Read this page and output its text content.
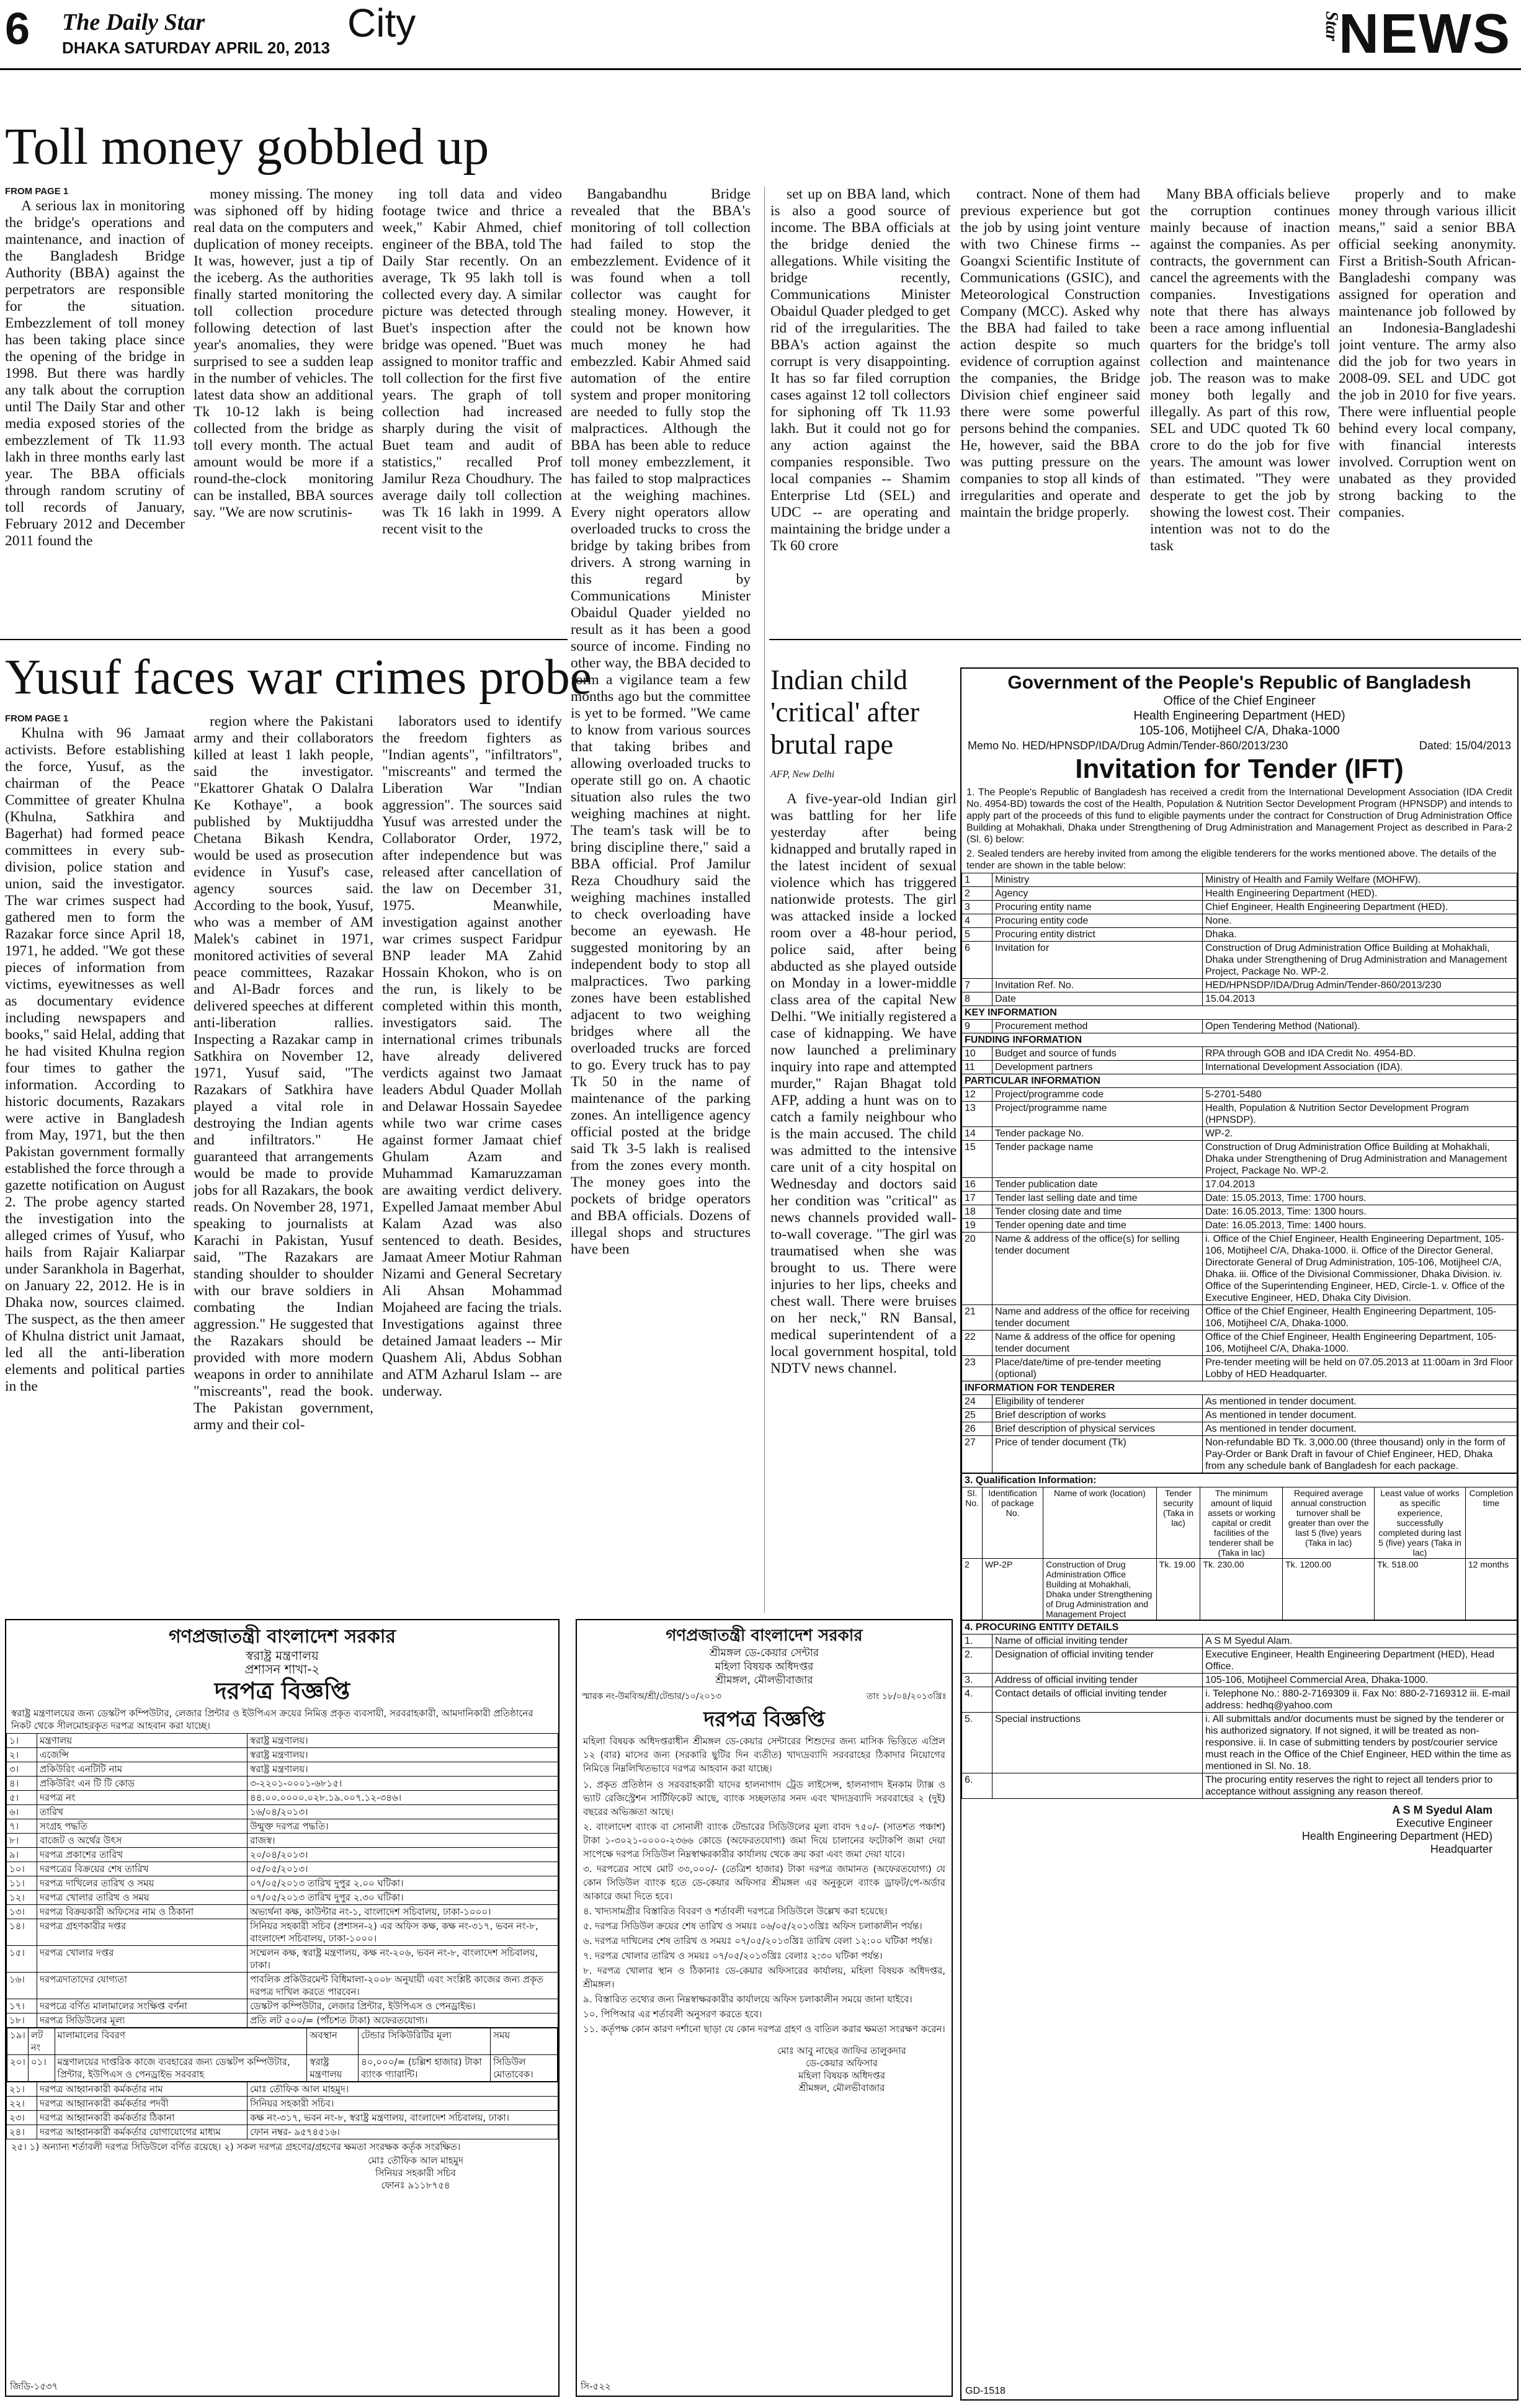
6 The Daily Star
DHAKA SATURDAY APRIL 20, 2013
City	Star
NEWS
Toll money gobbled up
FROM PAGE 1

A serious lax in monitoring the bridge's operations and maintenance, and inaction of the Bangladesh Bridge Authority (BBA) against the perpetrators are responsible for the situation. Embezzlement of toll money has been taking place since the opening of the bridge in 1998. But there was hardly any talk about the corruption until The Daily Star and other media exposed stories of the embezzlement of Tk 11.93 lakh in three months early last year. The BBA officials through random scrutiny of toll records of January, February 2012 and December 2011 found the

money missing. The money was siphoned off by hiding real data on the computers and duplication of money receipts. It was, however, just a tip of the iceberg. As the authorities finally started monitoring the toll collection procedure following detection of last year's anomalies, they were surprised to see a sudden leap in the number of vehicles. The latest data show an additional Tk 10-12 lakh is being collected from the bridge as toll every month. The actual amount would be more if a round-the-clock monitoring can be installed, BBA sources say. "We are now scrutinis-

ing toll data and video footage twice and thrice a week," Kabir Ahmed, chief engineer of the BBA, told The Daily Star recently. On an average, Tk 95 lakh toll is collected every day. A similar picture was detected through Buet's inspection after the bridge was opened. "Buet was assigned to monitor traffic and toll collection for the first five years. The graph of toll collection had increased sharply during the visit of Buet team and audit of statistics," recalled Prof Jamilur Reza Choudhury. The average daily toll collection was Tk 16 lakh in 1999. A recent visit to the

Bangabandhu Bridge revealed that the BBA's monitoring of toll collection had failed to stop the embezzlement. Evidence of it was found when a toll collector was caught for stealing money. However, it could not be known how much money he had embezzled. Kabir Ahmed said automation of the entire system and proper monitoring are needed to fully stop the malpractices. Although the BBA has been able to reduce toll money embezzlement, it has failed to stop malpractices at the weighing machines. Every night operators allow overloaded trucks to cross the bridge by taking bribes from drivers. A strong warning in this regard by Communications Minister Obaidul Quader yielded no result as it has been a good source of income. Finding no other way, the BBA decided to form a vigilance team a few months ago but the committee is yet to be formed. "We came to know from various sources that taking bribes and allowing overloaded trucks to operate still go on. A chaotic situation also rules the two weighing machines at night. The team's task will be to bring discipline there," said a BBA official. Prof Jamilur Reza Choudhury said the weighing machines installed to check overloading have become an eyewash. He suggested monitoring by an independent body to stop all malpractices. Two parking zones have been established adjacent to two weighing bridges where all the overloaded trucks are forced to go. Every truck has to pay Tk 50 in the name of maintenance of the parking zones. An intelligence agency official posted at the bridge said Tk 3-5 lakh is realised from the zones every month. The money goes into the pockets of bridge operators and BBA officials. Dozens of illegal shops and structures have been

set up on BBA land, which is also a good source of income. The BBA officials at the bridge denied the allegations. While visiting the bridge recently, Communications Minister Obaidul Quader pledged to get rid of the irregularities. The BBA's action against the corrupt is very disappointing. It has so far filed corruption cases against 12 toll collectors for siphoning off Tk 11.93 lakh. But it could not go for any action against the companies responsible. Two local companies -- Shamim Enterprise Ltd (SEL) and UDC -- are operating and maintaining the bridge under a Tk 60 crore

contract. None of them had previous experience but got the job by using joint venture with two Chinese firms -- Goangxi Scientific Institute of Communications (GSIC), and Meteorological Construction Company (MCC). Asked why the BBA had failed to take action despite so much evidence of corruption against the companies, the Bridge Division chief engineer said there were some powerful persons behind the companies. He, however, said the BBA was putting pressure on the companies to stop all kinds of irregularities and operate and maintain the bridge properly.

Many BBA officials believe the corruption continues mainly because of inaction against the companies. As per contracts, the government can cancel the agreements with the companies. Investigations note that there has always been a race among influential quarters for the bridge's toll collection and maintenance job. The reason was to make money both legally and illegally. As part of this row, SEL and UDC quoted Tk 60 crore to do the job for five years. The amount was lower than estimated. "They were desperate to get the job by showing the lowest cost. Their intention was not to do the task

properly and to make money through various illicit means," said a senior BBA official seeking anonymity. First a British-South African-Bangladeshi company was assigned for operation and maintenance job followed by an Indonesia-Bangladeshi joint venture. The army also did the job for two years in 2008-09. SEL and UDC got the job in 2010 for five years. There were influential people behind every local company, with financial interests involved. Corruption went on unabated as they provided strong backing to the companies.

Yusuf faces war crimes probe
FROM PAGE 1

Khulna with 96 Jamaat activists. Before establishing the force, Yusuf, as the chairman of the Peace Committee of greater Khulna (Khulna, Satkhira and Bagerhat) had formed peace committees in every sub-division, police station and union, said the investigator. The war crimes suspect had gathered men to form the Razakar force since April 18, 1971, he added. "We got these pieces of information from victims, eyewitnesses as well as documentary evidence including newspapers and books," said Helal, adding that he had visited Khulna region four times to gather the information. According to historic documents, Razakars were active in Bangladesh from May, 1971, but the then Pakistan government formally established the force through a gazette notification on August 2. The probe agency started the investigation into the alleged crimes of Yusuf, who hails from Rajair Kaliarpar under Sarankhola in Bagerhat, on January 22, 2012. He is in Dhaka now, sources claimed. The suspect, as the then ameer of Khulna district unit Jamaat, led all the anti-liberation elements and political parties in the

region where the Pakistani army and their collaborators killed at least 1 lakh people, said the investigator. "Ekattorer Ghatak O Dalalra Ke Kothaye", a book published by Muktijuddha Chetana Bikash Kendra, would be used as prosecution evidence in Yusuf's case, agency sources said. According to the book, Yusuf, who was a member of AM Malek's cabinet in 1971, monitored activities of several peace committees, Razakar and Al-Badr forces and delivered speeches at different anti-liberation rallies. Inspecting a Razakar camp in Satkhira on November 12, 1971, Yusuf said, "The Razakars of Satkhira have played a vital role in destroying the Indian agents and infiltrators." He guaranteed that arrangements would be made to provide jobs for all Razakars, the book reads. On November 28, 1971, speaking to journalists at Karachi in Pakistan, Yusuf said, "The Razakars are standing shoulder to shoulder with our brave soldiers in combating the Indian aggression." He suggested that the Razakars should be provided with more modern weapons in order to annihilate "miscreants", read the book. The Pakistan government, army and their col-

laborators used to identify the freedom fighters as "Indian agents", "infiltrators", "miscreants" and termed the Liberation War "Indian aggression". The sources said Yusuf was arrested under the Collaborator Order, 1972, after independence but was released after cancellation of the law on December 31, 1975. Meanwhile, investigation against another war crimes suspect Faridpur BNP leader MA Zahid Hossain Khokon, who is on the run, is likely to be completed within this month, investigators said. The international crimes tribunals have already delivered verdicts against two Jamaat leaders Abdul Quader Mollah and Delawar Hossain Sayedee while two war crime cases against former Jamaat chief Ghulam Azam and Muhammad Kamaruzzaman are awaiting verdict delivery. Expelled Jamaat member Abul Kalam Azad was also sentenced to death. Besides, Jamaat Ameer Motiur Rahman Nizami and General Secretary Ali Ahsan Mohammad Mojaheed are facing the trials. Investigations against three detained Jamaat leaders -- Mir Quashem Ali, Abdus Sobhan and ATM Azharul Islam -- are underway.

Indian child 'critical' after brutal rape
AFP, New Delhi

A five-year-old Indian girl was battling for her life yesterday after being kidnapped and brutally raped in the latest incident of sexual violence which has triggered nationwide protests. The girl was attacked inside a locked room over a 48-hour period, police said, after being abducted as she played outside on Monday in a lower-middle class area of the capital New Delhi. "We initially registered a case of kidnapping. We have now launched a preliminary inquiry into rape and attempted murder," Rajan Bhagat told AFP, adding a hunt was on to catch a family neighbour who is the main accused. The child was admitted to the intensive care unit of a city hospital on Wednesday and doctors said her condition was "critical" as news channels provided wall-to-wall coverage. "The girl was traumatised when she was brought to us. There were injuries to her lips, cheeks and chest wall. There were bruises on her neck," RN Bansal, medical superintendent of a local government hospital, told NDTV news channel.

Government of the People's Republic of Bangladesh
Office of the Chief Engineer
Health Engineering Department (HED)
105-106, Motijheel C/A, Dhaka-1000
Memo No. HED/HPNSDP/IDA/Drug Admin/Tender-860/2013/230	Dated: 15/04/2013
Invitation for Tender (IFT)
1. The People's Republic of Bangladesh has received a credit from the International Development Association (IDA Credit No. 4954-BD) towards the cost of the Health, Population & Nutrition Sector Development Program (HPNSDP) and intends to apply part of the proceeds of this fund to eligible payments under the contract for Construction of Drug Administration Office Building at Mohakhali, Dhaka under Strengthening of Drug Administration and Management Project as described in Para-2 (Sl. 6) below:
2. Sealed tenders are hereby invited from among the eligible tenderers for the works mentioned above. The details of the tender are shown in the table below:
1	Ministry	Ministry of Health and Family Welfare (MOHFW).
2	Agency	Health Engineering Department (HED).
3	Procuring entity name	Chief Engineer, Health Engineering Department (HED).
4	Procuring entity code	None.
5	Procuring entity district	Dhaka.
6	Invitation for	Construction of Drug Administration Office Building at Mohakhali, Dhaka under Strengthening of Drug Administration and Management Project, Package No. WP-2.
7	Invitation Ref. No.	HED/HPNSDP/IDA/Drug Admin/Tender-860/2013/230
8	Date	15.04.2013
KEY INFORMATION		
9	Procurement method	Open Tendering Method (National).
FUNDING INFORMATION		
10	Budget and source of funds	RPA through GOB and IDA Credit No. 4954-BD.
11	Development partners	International Development Association (IDA).
PARTICULAR INFORMATION		
12	Project/programme code	5-2701-5480
13	Project/programme name	Health, Population & Nutrition Sector Development Program (HPNSDP).
14	Tender package No.	WP-2.
15	Tender package name	Construction of Drug Administration Office Building at Mohakhali, Dhaka under Strengthening of Drug Administration and Management Project, Package No. WP-2.
16	Tender publication date	17.04.2013
17	Tender last selling date and time	Date: 15.05.2013, Time: 1700 hours.
18	Tender closing date and time	Date: 16.05.2013, Time: 1300 hours.
19	Tender opening date and time	Date: 16.05.2013, Time: 1400 hours.
20	Name & address of the office(s) for selling tender document	i. Office of the Chief Engineer, Health Engineering Department, 105-106, Motijheel C/A, Dhaka-1000. ii. Office of the Director General, Directorate General of Drug Administration, 105-106, Motijheel C/A, Dhaka. iii. Office of the Divisional Commissioner, Dhaka Division. iv. Office of the Superintending Engineer, HED, Circle-1. v. Office of the Executive Engineer, HED, Dhaka City Division.
21	Name and address of the office for receiving tender document	Office of the Chief Engineer, Health Engineering Department, 105-106, Motijheel C/A, Dhaka-1000.
22	Name & address of the office for opening tender document	Office of the Chief Engineer, Health Engineering Department, 105-106, Motijheel C/A, Dhaka-1000.
23	Place/date/time of pre-tender meeting (optional)	Pre-tender meeting will be held on 07.05.2013 at 11:00am in 3rd Floor Lobby of HED Headquarter.
INFORMATION FOR TENDERER		
24	Eligibility of tenderer	As mentioned in tender document.
25	Brief description of works	As mentioned in tender document.
26	Brief description of physical services	As mentioned in tender document.
27	Price of tender document (Tk)	Non-refundable BD Tk. 3,000.00 (three thousand) only in the form of Pay-Order or Bank Draft in favour of Chief Engineer, HED, Dhaka from any schedule bank of Bangladesh for each package.
3. Qualification Information:							
Sl. No.	Identification of package No.	Name of work (location)	Tender security (Taka in lac)	The minimum amount of liquid assets or working capital or credit facilities of the tenderer shall be (Taka in lac)	Required average annual construction turnover shall be greater than over the last 5 (five) years (Taka in lac)	Least value of works as specific experience, successfully completed during last 5 (five) years (Taka in lac)	Completion time
2	WP-2P	Construction of Drug Administration Office Building at Mohakhali, Dhaka under Strengthening of Drug Administration and Management Project	Tk. 19.00	Tk. 230.00	Tk. 1200.00	Tk. 518.00	12 months
4. PROCURING ENTITY DETAILS		
1.	Name of official inviting tender	A S M Syedul Alam.
2.	Designation of official inviting tender	Executive Engineer, Health Engineering Department (HED), Head Office.
3.	Address of official inviting tender	105-106, Motijheel Commercial Area, Dhaka-1000.
4.	Contact details of official inviting tender	i. Telephone No.: 880-2-7169309 ii. Fax No: 880-2-7169312 iii. E-mail address: hedhq@yahoo.com
5.	Special instructions	i. All submittals and/or documents must be signed by the tenderer or his authorized signatory. If not signed, it will be treated as non-responsive. ii. In case of submitting tenders by post/courier service must reach in the Office of the Chief Engineer, HED within the time as mentioned in Sl. No. 18.
6.		The procuring entity reserves the right to reject all tenders prior to acceptance without assigning any reason thereof.
A S M Syedul Alam
Executive Engineer
Health Engineering Department (HED)
Headquarter
GD-1518
গণপ্রজাতন্ত্রী বাংলাদেশ সরকার
স্বরাষ্ট্র মন্ত্রণালয়
প্রশাসন শাখা-২
দরপত্র বিজ্ঞপ্তি
স্বরাষ্ট্র মন্ত্রণালয়ের জন্য ডেস্কটপ কম্পিউটার, লেজার প্রিন্টার ও ইউপিএস ক্রয়ের নিমিত্ত প্রকৃত ব্যবসায়ী, সরবরাহকারী, আমদানিকারী প্রতিষ্ঠানের নিকট থেকে সীলমোহরকৃত দরপত্র আহবান করা যাচ্ছে।
১।	মন্ত্রণালয়	স্বরাষ্ট্র মন্ত্রণালয়।
২।	এজেন্সি	স্বরাষ্ট্র মন্ত্রণালয়।
৩।	প্রকিউরিং এনটিটি নাম	স্বরাষ্ট্র মন্ত্রণালয়।
৪।	প্রকিউরিং এন টি টি কোড	৩-২২০১-০০০১-৬৮১৫।
৫।	দরপত্র নং	৪৪.০০.০০০০.০২৮.১৯.০০৭.১২-৩৪৬।
৬।	তারিখ	১৬/০৪/২০১৩।
৭।	সংগ্রহ পদ্ধতি	উন্মুক্ত দরপত্র পদ্ধতি।
৮।	বাজেট ও অর্থের উৎস	রাজস্ব।
৯।	দরপত্র প্রকাশের তারিখ	২০/০৪/২০১৩।
১০।	দরপত্রের বিক্রয়ের শেষ তারিখ	০৫/০৫/২০১৩।
১১।	দরপত্র দাখিলের তারিখ ও সময়	০৭/০৫/২০১৩ তারিখ দুপুর ২.০০ ঘটিকা।
১২।	দরপত্র খোলার তারিখ ও সময়	০৭/০৫/২০১৩ তারিখ দুপুর ২.৩০ ঘটিকা।
১৩।	দরপত্র বিক্রয়কারী অফিসের নাম ও ঠিকানা	অভ্যর্থনা কক্ষ, কাউন্টার নং-১, বাংলাদেশ সচিবালয়, ঢাকা-১০০০।
১৪।	দরপত্র গ্রহণকারীর দপ্তর	সিনিয়র সহকারী সচিব (প্রশাসন-২) এর অফিস কক্ষ, কক্ষ নং-৩১৭, ভবন নং-৮, বাংলাদেশ সচিবালয়, ঢাকা-১০০০।
১৫।	দরপত্র খোলার দপ্তর	সম্মেলন কক্ষ, স্বরাষ্ট্র মন্ত্রণালয়, কক্ষ নং-২০৬, ভবন নং-৮, বাংলাদেশ সচিবালয়, ঢাকা।
১৬।	দরপত্রদাতাদের যোগ্যতা	পাবলিক প্রকিউরমেন্ট বিধিমালা-২০০৮ অনুযায়ী এবং সংশ্লিষ্ট কাজের জন্য প্রকৃত দরপত্র দাখিল করতে পারবেন।
১৭।	দরপত্রে বর্ণিত মালামালের সংক্ষিপ্ত বর্ণনা	ডেস্কটপ কম্পিউটার, লেজার প্রিন্টার, ইউপিএস ও পেনড্রাইভ।
১৮।	দরপত্র সিডিউলের মূল্য	প্রতি লট ৫০০/= (পাঁচশত টাকা) অফেরতযোগ্য।

১৯।	লট নং	মালামালের বিবরণ	অবস্থান	টেন্ডার সিকিউরিটির মূল্য	সময়
২০।	০১।	মন্ত্রণালয়ের দাপ্তরিক কাজে ব্যবহারের জন্য ডেস্কটপ কম্পিউটার, প্রিন্টার, ইউপিএস ও পেনড্রাইভ সরবরাহ	স্বরাষ্ট্র মন্ত্রণালয়	৪০,০০০/= (চল্লিশ হাজার) টাকা ব্যাংক গ্যারান্টি।	সিডিউল মোতাবেক।

২১।	দরপত্র আহ্বানকারী কর্মকর্তার নাম	মোঃ তৌফিক আল মাহমুদ।
২২।	দরপত্র আহ্বানকারী কর্মকর্তার পদবী	সিনিয়র সহকারী সচিব।
২৩।	দরপত্র আহ্বানকারী কর্মকর্তার ঠিকানা	কক্ষ নং-৩১৭, ভবন নং-৮, স্বরাষ্ট্র মন্ত্রণালয়, বাংলাদেশ সচিবালয়, ঢাকা।
২৪।	দরপত্র আহ্বানকারী কর্মকর্তার যোগাযোগের মাধ্যম	ফোন নম্বর- ৯৫৭৪৫১৬।
২৫। ১) অন্যান্য শর্তাবলী দরপত্র সিডিউলে বর্ণিত রয়েছে। ২) সকল দরপত্র গ্রহণের/গ্রহণের ক্ষমতা সংরক্ষক কর্তৃক সংরক্ষিত।
মোঃ তৌফিক আল মাহমুদ
সিনিয়র সহকারী সচিব
ফোনঃ ৯১১৮৭৫৪
জিডি-১৫৩৭
গণপ্রজাতন্ত্রী বাংলাদেশ সরকার
শ্রীমঙ্গল ডে-কেয়ার সেন্টার
মহিলা বিষয়ক অধিদপ্তর
শ্রীমঙ্গল, মৌলভীবাজার
স্মারক নং-উমবিঅ/শ্রী/টেন্ডার/১০/২০১৩	তাং ১৮/০৪/২০১৩খ্রিঃ
দরপত্র বিজ্ঞপ্তি
মহিলা বিষয়ক অধিদপ্তরাধীন শ্রীমঙ্গল ডে-কেয়ার সেন্টারের শিশুদের জন্য মাসিক ভিত্তিতে এপ্রিল ১২ (বার) মাসের জন্য (সরকারি ছুটির দিন ব্যতীত) খাদ্যদ্রব্যাদি সরবরাহের ঠিকাদার নিয়োগের নিমিত্তে নিম্নলিখিতভাবে দরপত্র আহবান করা যাচ্ছে।
১. প্রকৃত প্রতিষ্ঠান ও সরবরাহকারী যাদের হালনাগাদ ট্রেড লাইসেন্স, হালনাগাদ ইনকাম ট্যাক্স ও ভ্যাট রেজিস্ট্রেশন সার্টিফিকেট আছে, ব্যাংক সচ্ছলতার সনদ এবং খাদ্যদ্রব্যাদি সরবরাহের ২ (দুই) বছরের অভিজ্ঞতা আছে।
২. বাংলাদেশ ব্যাংক বা সোনালী ব্যাংক টেন্ডারের সিডিউলের মূল্য বাবদ ৭৫০/- (সাতশত পঞ্চাশ) টাকা ১-৩০২১-০০০০-২৩৬৬ কোডে (অফেরতযোগ্য) জমা দিয়ে চালানের ফটোকপি জমা দেয়া সাপেক্ষে দরপত্র সিডিউল নিম্নস্বাক্ষরকারীর কার্যালয় থেকে ক্রয় করা এবং জমা দেয়া যাবে।
৩. দরপত্রের সাথে মোট ৩৩,০০০/- (তেত্রিশ হাজার) টাকা দরপত্র জামানত (অফেরতযোগ্য) যে কোন সিডিউল ব্যাংক হতে ডে-কেয়ার অফিসার শ্রীমঙ্গল এর অনুকূলে ব্যাংক ড্রাফট/পে-অর্ডার আকারে জমা দিতে হবে।
৪. খাদ্যসামগ্রীর বিস্তারিত বিবরণ ও শর্তাবলী দরপত্রে সিডিউলে উল্লেখ করা হয়েছে।
৫. দরপত্র সিডিউল ক্রয়ের শেষ তারিখ ও সময়ঃ ০৬/০৫/২০১৩খ্রিঃ অফিস চলাকালীন পর্যন্ত।
৬. দরপত্র দাখিলের শেষ তারিখ ও সময়ঃ ০৭/০৫/২০১৩খ্রিঃ তারিখ বেলা ১২:০০ ঘটিকা পর্যন্ত।
৭. দরপত্র খোলার তারিখ ও সময়ঃ ০৭/০৫/২০১৩খ্রিঃ বেলাঃ ২:৩০ ঘটিকা পর্যন্ত।
৮. দরপত্র খোলার স্থান ও ঠিকানাঃ ডে-কেয়ার অফিসারের কার্যালয়, মহিলা বিষয়ক অধিদপ্তর, শ্রীমঙ্গল।
৯. বিস্তারিত তথ্যের জন্য নিম্নস্বাক্ষরকারীর কার্যালয়ে অফিস চলাকালীন সময়ে জানা যাইবে।
১০. পিপিআর এর শর্তাবলী অনুসরণ করতে হবে।
১১. কর্তৃপক্ষ কোন কারণ দর্শানো ছাড়া যে কোন দরপত্র গ্রহণ ও বাতিল করার ক্ষমতা সংরক্ষণ করেন।
মোঃ আবু নাছের জাফির তালুকদার
ডে-কেয়ার অফিসার
মহিলা বিষয়ক অধিদপ্তর
শ্রীমঙ্গল, মৌলভীবাজার
সি-৫২২
